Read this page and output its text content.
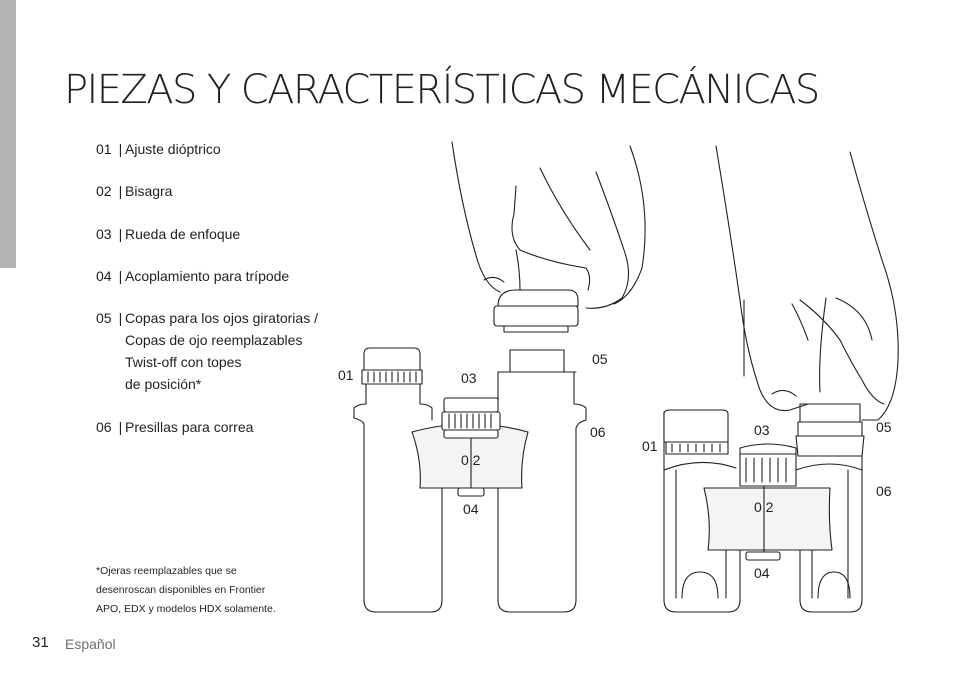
PIEZAS Y CARACTERÍSTICAS MECÁNICAS
01 | Ajuste dióptrico
02 | Bisagra
03 | Rueda de enfoque
04 | Acoplamiento para trípode
05 | Copas para los ojos giratorias /
Copas de ojo reemplazables
Twist-off con topes
de posición*
06 | Presillas para correa
*Ojeras reemplazables que se
desenroscan disponibles en Frontier
APO, EDX y modelos HDX solamente.
31 Español
01	03
05
06
0 2
04
01
03	05
06
0 2
04
